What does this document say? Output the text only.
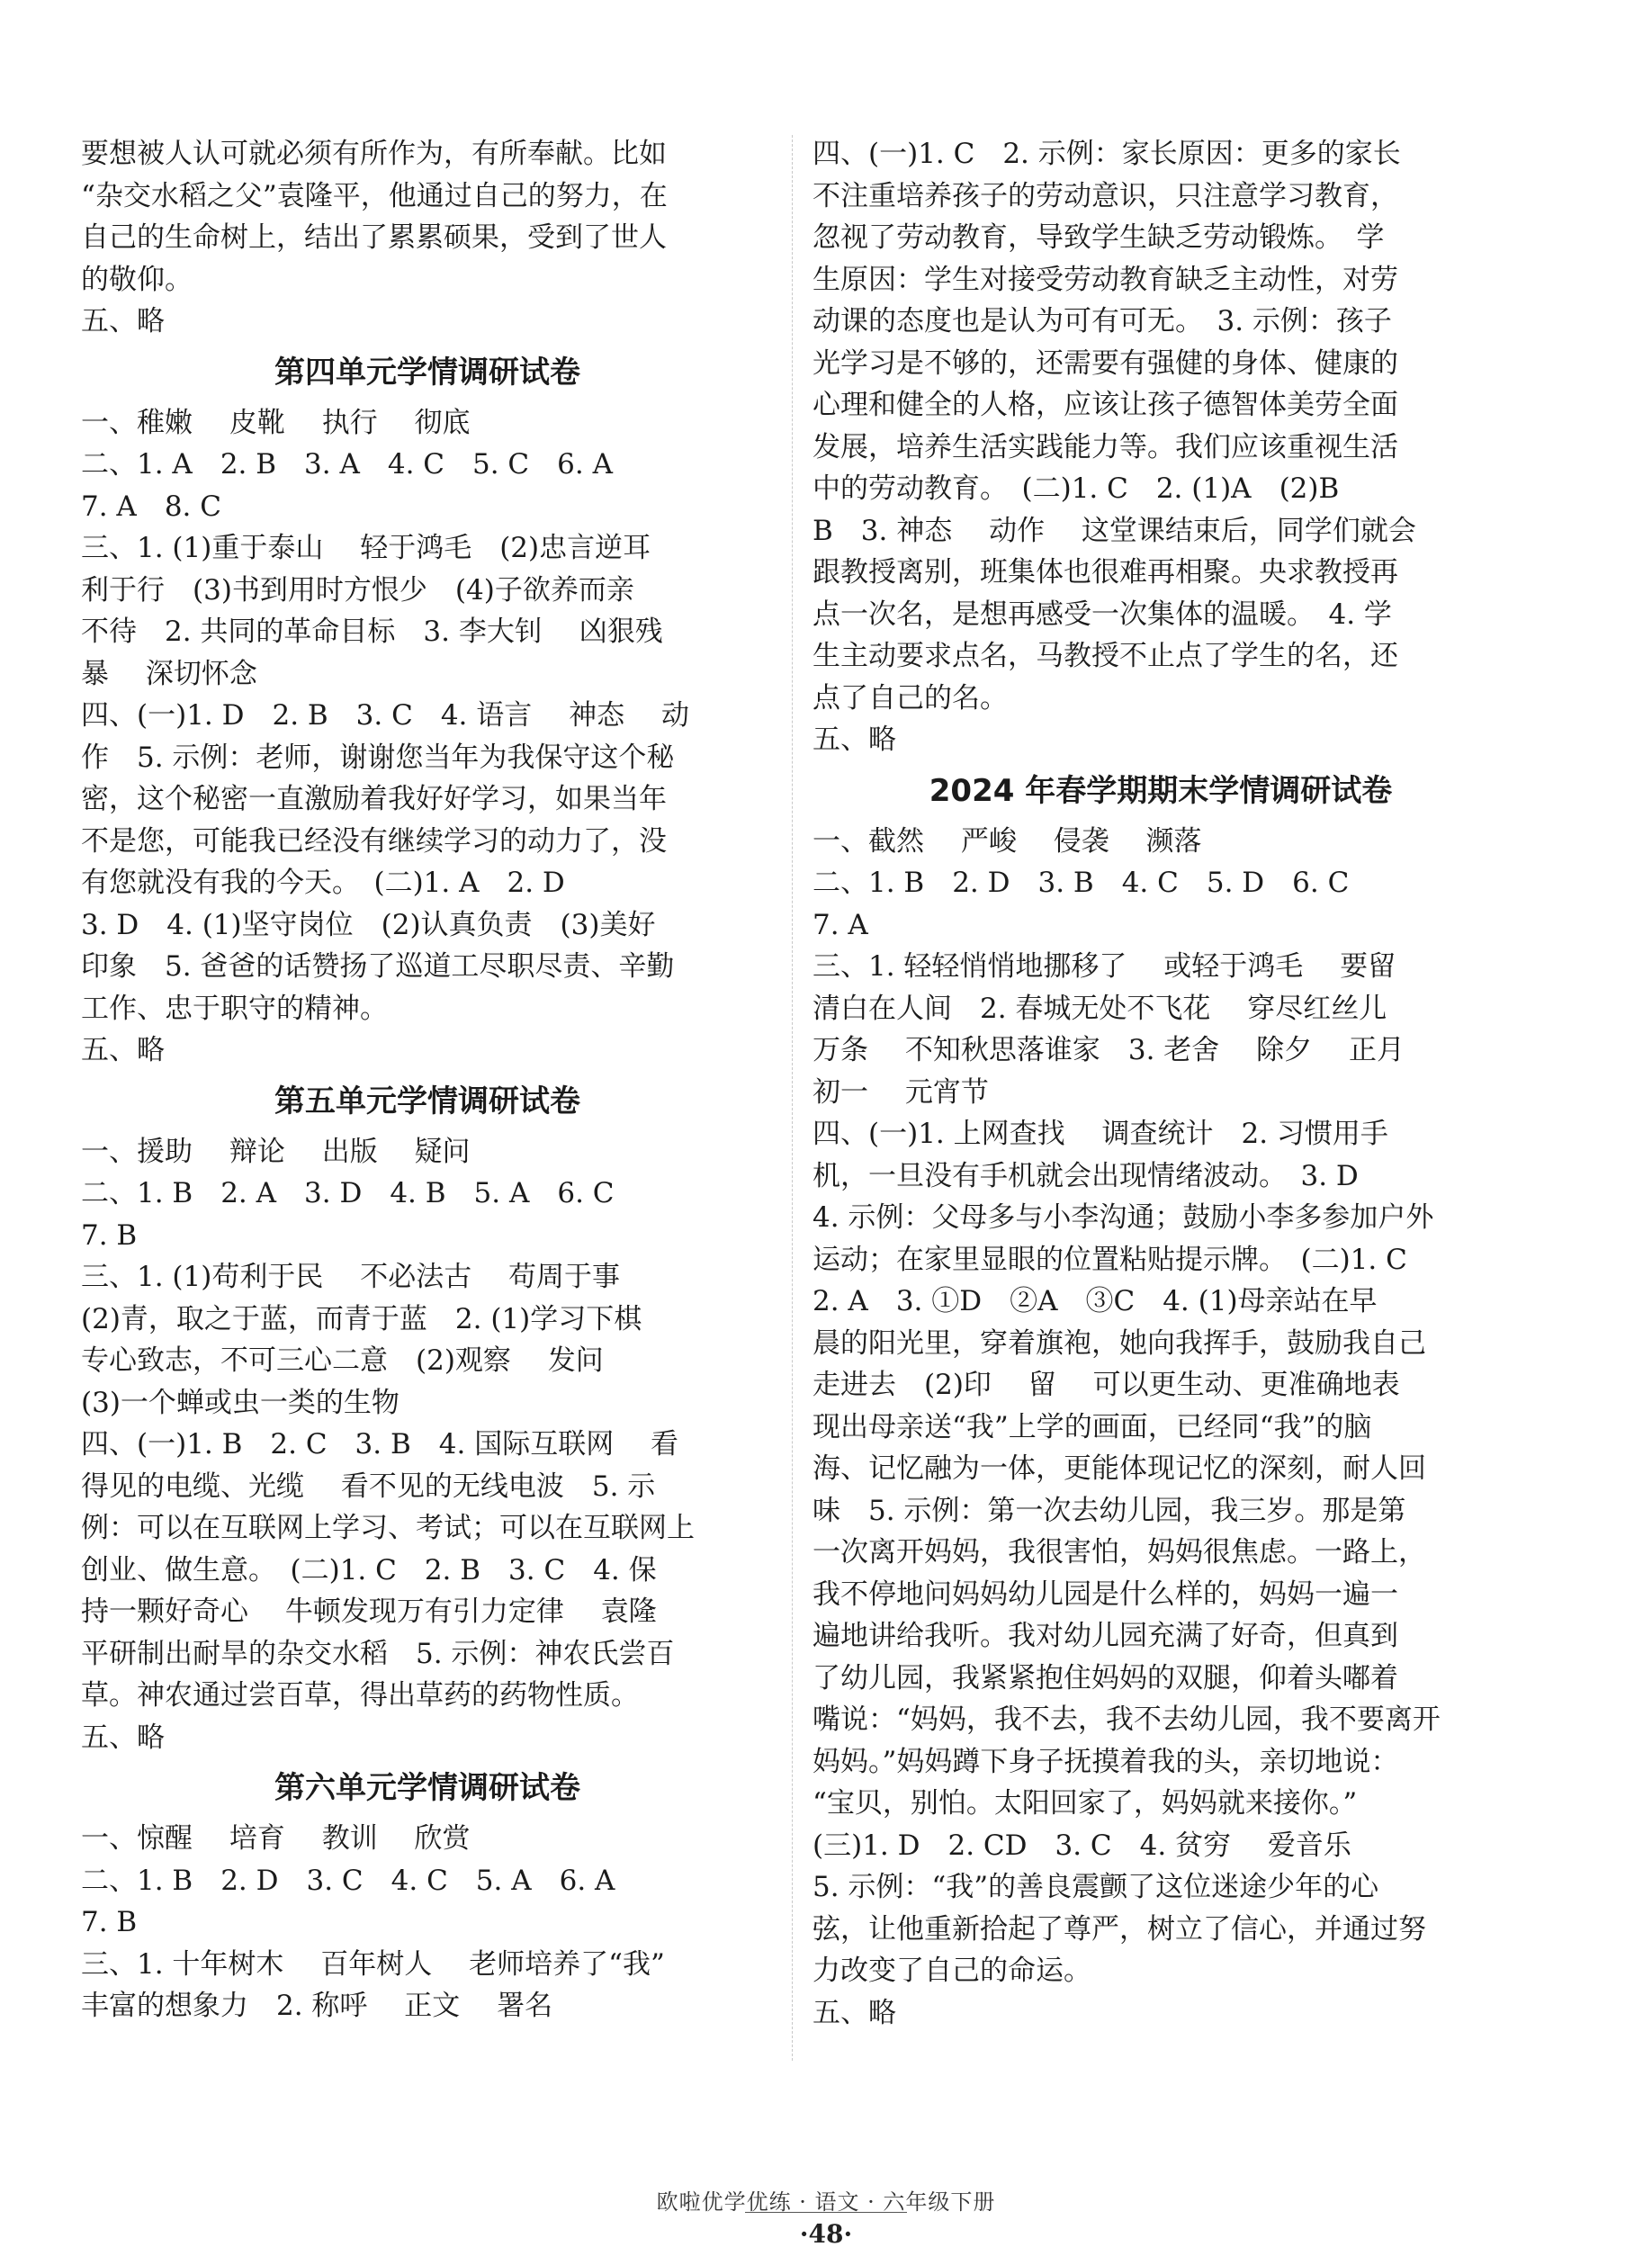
要想被人认可就必须有所作为，有所奉献。比如
“杂交水稻之父”袁隆平，他通过自己的努力，在
自己的生命树上，结出了累累硕果，受到了世人
的敬仰。
五、略
第四单元学情调研试卷
一、稚嫩　 皮靴　 执行　 彻底
二、1. A　2. B　3. A　4. C　5. C　6. A
7. A　8. C
三、1. (1)重于泰山　 轻于鸿毛　(2)忠言逆耳
利于行　(3)书到用时方恨少　(4)子欲养而亲
不待　2. 共同的革命目标　3. 李大钊　 凶狠残
暴　 深切怀念
四、(一)1. D　2. B　3. C　4. 语言　 神态　 动
作　5. 示例：老师，谢谢您当年为我保守这个秘
密，这个秘密一直激励着我好好学习，如果当年
不是您，可能我已经没有继续学习的动力了，没
有您就没有我的今天。　(二)1. A　2. D
3. D　4. (1)坚守岗位　(2)认真负责　(3)美好
印象　5. 爸爸的话赞扬了巡道工尽职尽责、辛勤
工作、忠于职守的精神。
五、略
第五单元学情调研试卷
一、援助　 辩论　 出版　 疑问
二、1. B　2. A　3. D　4. B　5. A　6. C
7. B
三、1. (1)苟利于民　 不必法古　 苟周于事
(2)青，取之于蓝，而青于蓝　2. (1)学习下棋
专心致志，不可三心二意　(2)观察　 发问
(3)一个蝉或虫一类的生物
四、(一)1. B　2. C　3. B　4. 国际互联网　 看
得见的电缆、光缆　 看不见的无线电波　5. 示
例：可以在互联网上学习、考试；可以在互联网上
创业、做生意。　(二)1. C　2. B　3. C　4. 保
持一颗好奇心　 牛顿发现万有引力定律　 袁隆
平研制出耐旱的杂交水稻　5. 示例：神农氏尝百
草。神农通过尝百草，得出草药的药物性质。
五、略
第六单元学情调研试卷
一、惊醒　 培育　 教训　 欣赏
二、1. B　2. D　3. C　4. C　5. A　6. A
7. B
三、1. 十年树木　 百年树人　 老师培养了“我”
丰富的想象力　2. 称呼　 正文　 署名
四、(一)1. C　2. 示例：家长原因：更多的家长
不注重培养孩子的劳动意识，只注意学习教育，
忽视了劳动教育，导致学生缺乏劳动锻炼。　学
生原因：学生对接受劳动教育缺乏主动性，对劳
动课的态度也是认为可有可无。　3. 示例：孩子
光学习是不够的，还需要有强健的身体、健康的
心理和健全的人格，应该让孩子德智体美劳全面
发展，培养生活实践能力等。我们应该重视生活
中的劳动教育。　(二)1. C　2. (1)A　(2)B
B　3. 神态　 动作　 这堂课结束后，同学们就会
跟教授离别，班集体也很难再相聚。央求教授再
点一次名，是想再感受一次集体的温暖。　4. 学
生主动要求点名，马教授不止点了学生的名，还
点了自己的名。
五、略
2024 年春学期期末学情调研试卷
一、截然　 严峻　 侵袭　 濒落
二、1. B　2. D　3. B　4. C　5. D　6. C
7. A
三、1. 轻轻悄悄地挪移了　 或轻于鸿毛　 要留
清白在人间　2. 春城无处不飞花　 穿尽红丝儿
万条　 不知秋思落谁家　3. 老舍　 除夕　 正月
初一　 元宵节
四、(一)1. 上网查找　 调查统计　2. 习惯用手
机，一旦没有手机就会出现情绪波动。　3. D
4. 示例：父母多与小李沟通；鼓励小李多参加户外
运动；在家里显眼的位置粘贴提示牌。　(二)1. C
2. A　3. ①D　②A　③C　4. (1)母亲站在早
晨的阳光里，穿着旗袍，她向我挥手，鼓励我自己
走进去　(2)印　 留　 可以更生动、更准确地表
现出母亲送“我”上学的画面，已经同“我”的脑
海、记忆融为一体，更能体现记忆的深刻，耐人回
味　5. 示例：第一次去幼儿园，我三岁。那是第
一次离开妈妈，我很害怕，妈妈很焦虑。一路上，
我不停地问妈妈幼儿园是什么样的，妈妈一遍一
遍地讲给我听。我对幼儿园充满了好奇，但真到
了幼儿园，我紧紧抱住妈妈的双腿，仰着头嘟着
嘴说：“妈妈，我不去，我不去幼儿园，我不要离开
妈妈。”妈妈蹲下身子抚摸着我的头，亲切地说：
“宝贝，别怕。太阳回家了，妈妈就来接你。”
(三)1. D　2. CD　3. C　4. 贫穷　 爱音乐
5. 示例：“我”的善良震颤了这位迷途少年的心
弦，让他重新拾起了尊严，树立了信心，并通过努
力改变了自己的命运。
五、略
欧啦优学优练 · 语文 · 六年级下册
·48·
